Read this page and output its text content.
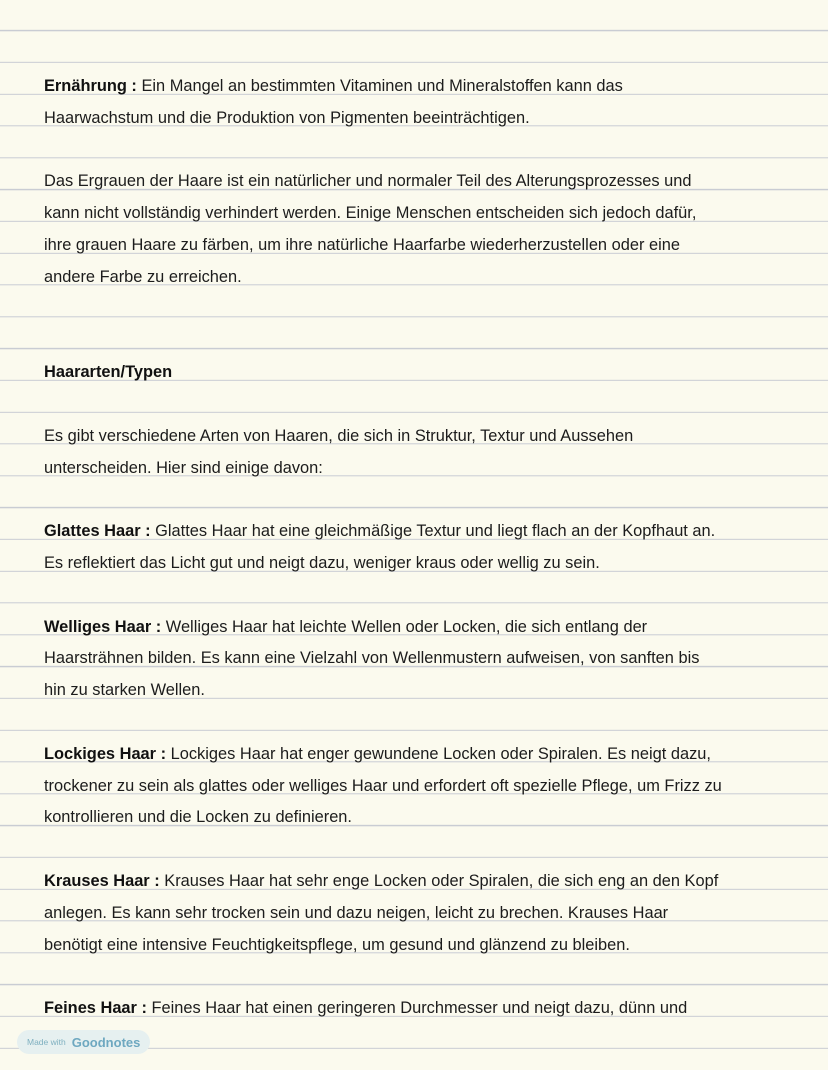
Ernährung : Ein Mangel an bestimmten Vitaminen und Mineralstoffen kann das
Haarwachstum und die Produktion von Pigmenten beeinträchtigen.
Das Ergrauen der Haare ist ein natürlicher und normaler Teil des Alterungsprozesses und
kann nicht vollständig verhindert werden. Einige Menschen entscheiden sich jedoch dafür,
ihre grauen Haare zu färben, um ihre natürliche Haarfarbe wiederherzustellen oder eine
andere Farbe zu erreichen.
Haararten/Typen
Es gibt verschiedene Arten von Haaren, die sich in Struktur, Textur und Aussehen
unterscheiden. Hier sind einige davon:
Glattes Haar : Glattes Haar hat eine gleichmäßige Textur und liegt flach an der Kopfhaut an.
Es reflektiert das Licht gut und neigt dazu, weniger kraus oder wellig zu sein.
Welliges Haar : Welliges Haar hat leichte Wellen oder Locken, die sich entlang der
Haarsträhnen bilden. Es kann eine Vielzahl von Wellenmustern aufweisen, von sanften bis
hin zu starken Wellen.
Lockiges Haar : Lockiges Haar hat enger gewundene Locken oder Spiralen. Es neigt dazu,
trockener zu sein als glattes oder welliges Haar und erfordert oft spezielle Pflege, um Frizz zu
kontrollieren und die Locken zu definieren.
Krauses Haar : Krauses Haar hat sehr enge Locken oder Spiralen, die sich eng an den Kopf
anlegen. Es kann sehr trocken sein und dazu neigen, leicht zu brechen. Krauses Haar
benötigt eine intensive Feuchtigkeitspflege, um gesund und glänzend zu bleiben.
Feines Haar : Feines Haar hat einen geringeren Durchmesser und neigt dazu, dünn und
Made with Goodnotes
